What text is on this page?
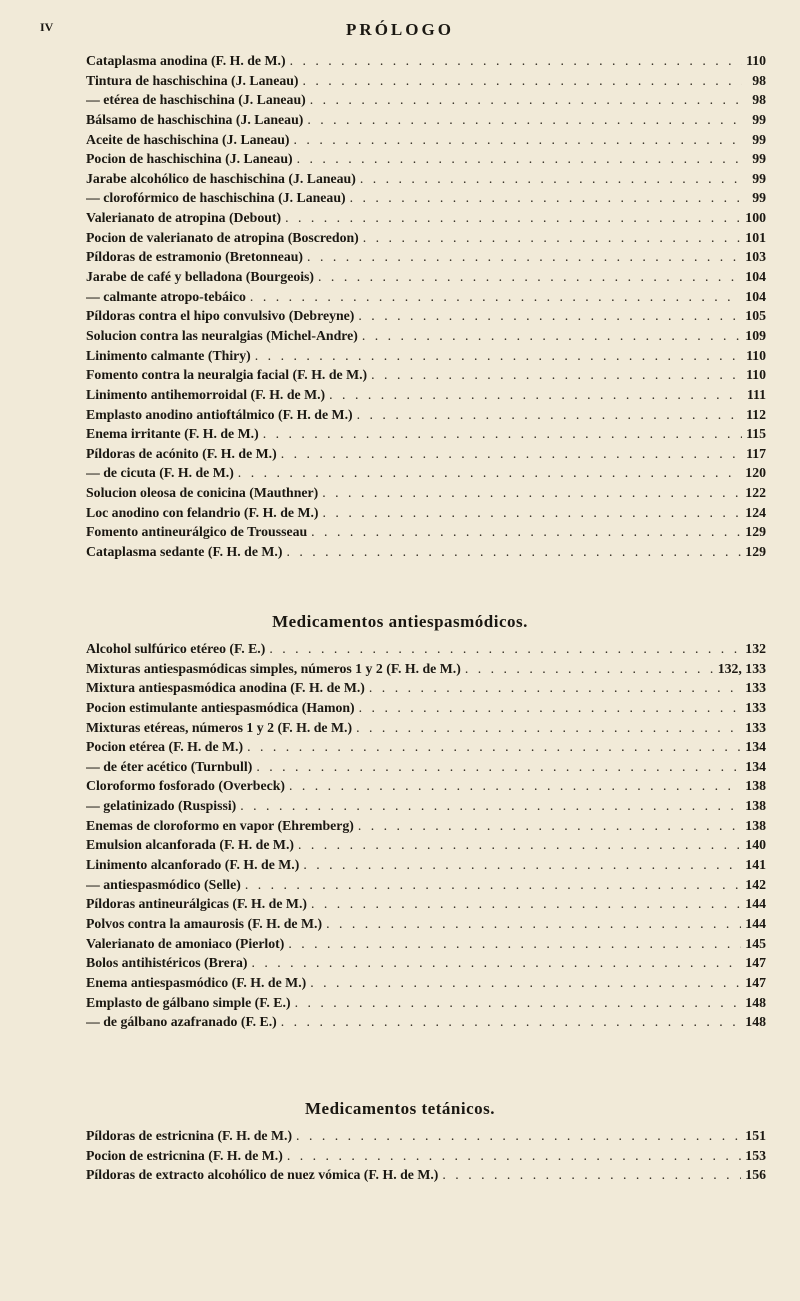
IV	PRÓLOGO
Cataplasma anodina (F. H. de M.) . . .	110
Tintura de haschischina (J. Laneau) . . .	98
— etérea de haschischina (J. Laneau) . . .	98
Bálsamo de haschischina (J. Laneau) . . .	99
Aceite de haschischina (J. Laneau) . . .	99
Pocion de haschischina (J. Laneau) . . .	99
Jarabe alcohólico de haschischina (J. Laneau) . . .	99
— clorofórmico de haschischina (J. Laneau) . . .	99
Valerianato de atropina (Debout) . . .	100
Pocion de valerianato de atropina (Boscredon) . . .	101
Píldoras de estramonio (Bretonneau) . . .	103
Jarabe de café y belladona (Bourgeois) . . .	104
— calmante atropo-tebáico . . .	104
Píldoras contra el hipo convulsivo (Debreyne) . . .	105
Solucion contra las neuralgias (Michel-Andre) . . .	109
Linimento calmante (Thiry) . . .	110
Fomento contra la neuralgia facial (F. H. de M.) . . .	110
Linimento antihemorroidal (F. H. de M.) . . .	111
Emplasto anodino antioftálmico (F. H. de M.) . . .	112
Enema irritante (F. H. de M.) . . .	115
Píldoras de acónito (F. H. de M.) . . .	117
— de cicuta (F. H. de M.) . . .	120
Solucion oleosa de conicina (Mauthner) . . .	122
Loc anodino con felandrio (F. H. de M.) . . .	124
Fomento antineurálgico de Trousseau . . .	129
Cataplasma sedante (F. H. de M.) . . .	129
Medicamentos antiespasmódicos.
Alcohol sulfúrico etéreo (F. E.) . . .	132
Mixturas antiespasmódicas simples, números 1 y 2 (F. H. de M.) . . .	132, 133
Mixtura antiespasmódica anodina (F. H. de M.) . . .	133
Pocion estimulante antiespasmódica (Hamon) . . .	133
Mixturas etéreas, números 1 y 2 (F. H. de M.) . . .	133
Pocion etérea (F. H. de M.) . . .	134
— de éter acético (Turnbull) . . .	134
Cloroformo fosforado (Overbeck) . . .	138
— gelatinizado (Ruspissi) . . .	138
Enemas de cloroformo en vapor (Ehremberg) . . .	138
Emulsion alcanforada (F. H. de M.) . . .	140
Linimento alcanforado (F. H. de M.) . . .	141
— antiespasmódico (Selle) . . .	142
Píldoras antineurálgicas (F. H. de M.) . . .	144
Polvos contra la amaurosis (F. H. de M.) . . .	144
Valerianato de amoniaco (Pierlot) . . .	145
Bolos antihistéricos (Brera) . . .	147
Enema antiespasmódico (F. H. de M.) . . .	147
Emplasto de gálbano simple (F. E.) . . .	148
— de gálbano azafranado (F. E.) . . .	148
Medicamentos tetánicos.
Píldoras de estricnina (F. H. de M.) . . .	151
Pocion de estricnina (F. H. de M.) . . .	153
Píldoras de extracto alcohólico de nuez vómica (F. H. de M.) . . .	156
